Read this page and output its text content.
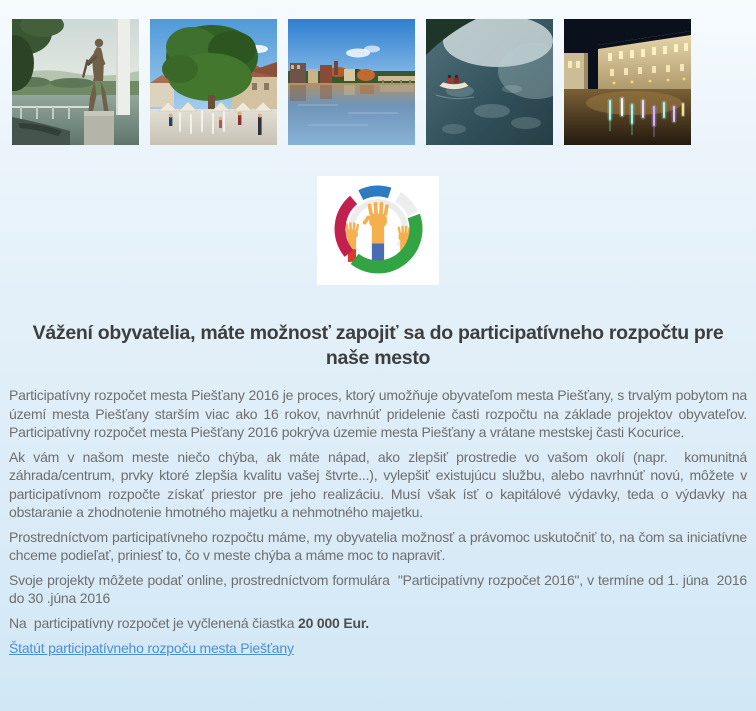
Vážení obyvatelia, máte možnosť zapojiť sa do participatívneho rozpočtu pre naše mesto

Participatívny rozpočet mesta Piešťany 2016 je proces, ktorý umožňuje obyvateľom mesta Piešťany, s trvalým pobytom na území mesta Piešťany starším viac ako 16 rokov, navrhnúť pridelenie časti rozpočtu na základe projektov obyvateľov. Participatívny rozpočet mesta Piešťany 2016 pokrýva územie mesta Piešťany a vrátane mestskej časti Kocurice.

Ak vám v našom meste niečo chýba, ak máte nápad, ako zlepšiť prostredie vo vašom okolí (napr.  komunitná záhrada/centrum, prvky ktoré zlepšia kvalitu vašej štvrte...), vylepšiť existujúcu službu, alebo navrhnúť novú, môžete v participatívnom rozpočte získať priestor pre jeho realizáciu. Musí však ísť o kapitálové výdavky, teda o výdavky na obstaranie a zhodnotenie hmotného majetku a nehmotného majetku.

Prostredníctvom participatívneho rozpočtu máme, my obyvatelia možnosť a právomoc uskutočniť to, na čom sa iniciatívne chceme podieľať, priniesť to, čo v meste chýba a máme moc to napraviť.

Svoje projekty môžete podať online, prostredníctvom formulára  "Participatívny rozpočet 2016", v termíne od 1. júna  2016 do 30 .júna 2016

Na  participatívny rozpočet je vyčlenená čiastka 20 000 Eur.

Štatút participatívneho rozpoču mesta Piešťany
